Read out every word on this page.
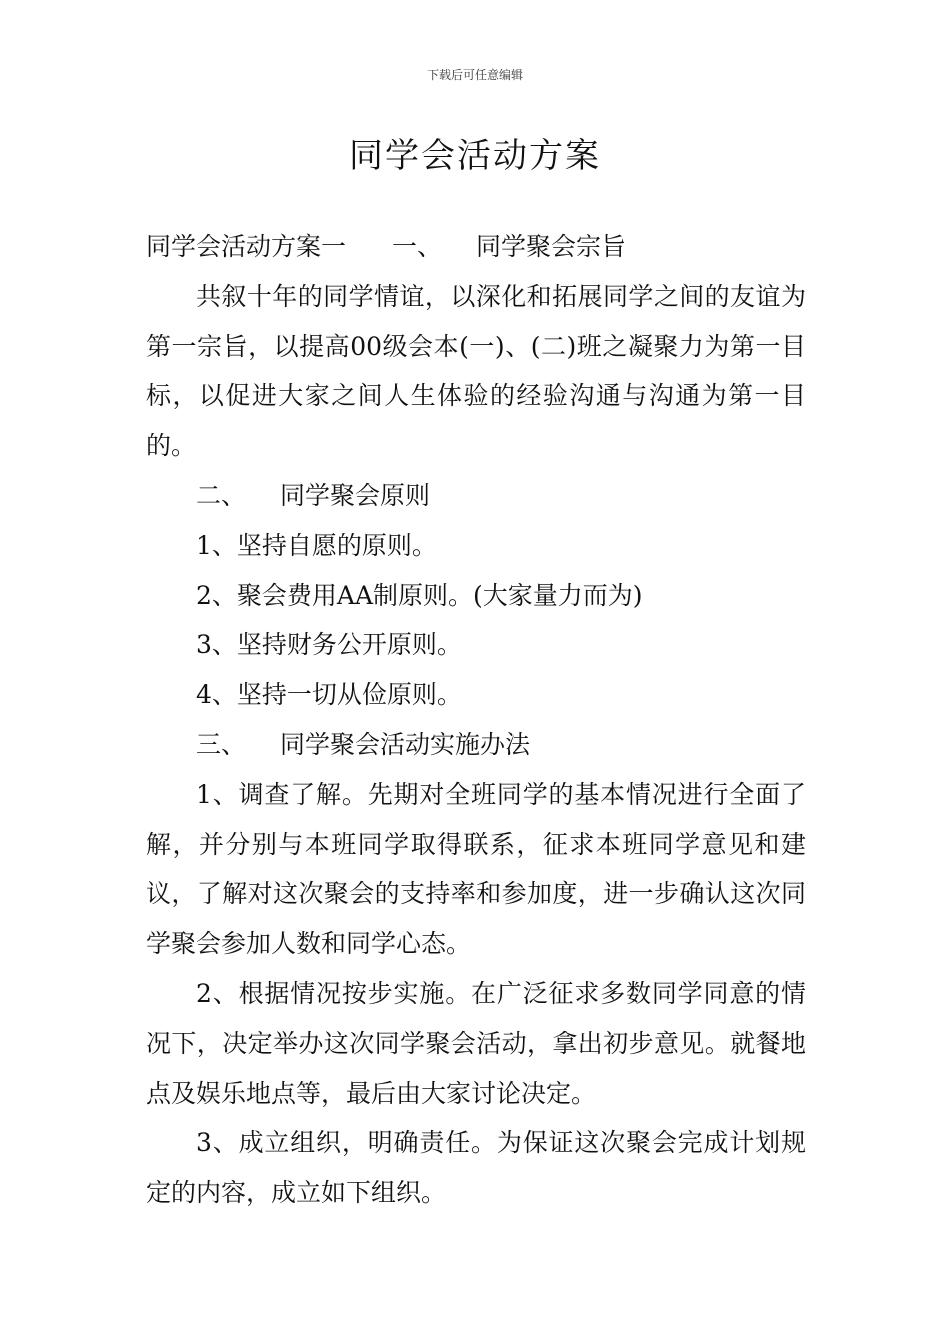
下载后可任意编辑
同学会活动方案

同学会活动方案一 一、 同学聚会宗旨

共叙十年的同学情谊，以深化和拓展同学之间的友谊为第一宗旨，以提高00级会本(一)、(二)班之凝聚力为第一目标，以促进大家之间人生体验的经验沟通与沟通为第一目的。

二、 同学聚会原则

1、坚持自愿的原则。

2、聚会费用AA制原则。(大家量力而为)

3、坚持财务公开原则。

4、坚持一切从俭原则。

三、 同学聚会活动实施办法

1、调查了解。先期对全班同学的基本情况进行全面了解，并分别与本班同学取得联系，征求本班同学意见和建议，了解对这次聚会的支持率和参加度，进一步确认这次同学聚会参加人数和同学心态。

2、根据情况按步实施。在广泛征求多数同学同意的情况下，决定举办这次同学聚会活动，拿出初步意见。就餐地点及娱乐地点等，最后由大家讨论决定。

3、成立组织，明确责任。为保证这次聚会完成计划规定的内容，成立如下组织。
